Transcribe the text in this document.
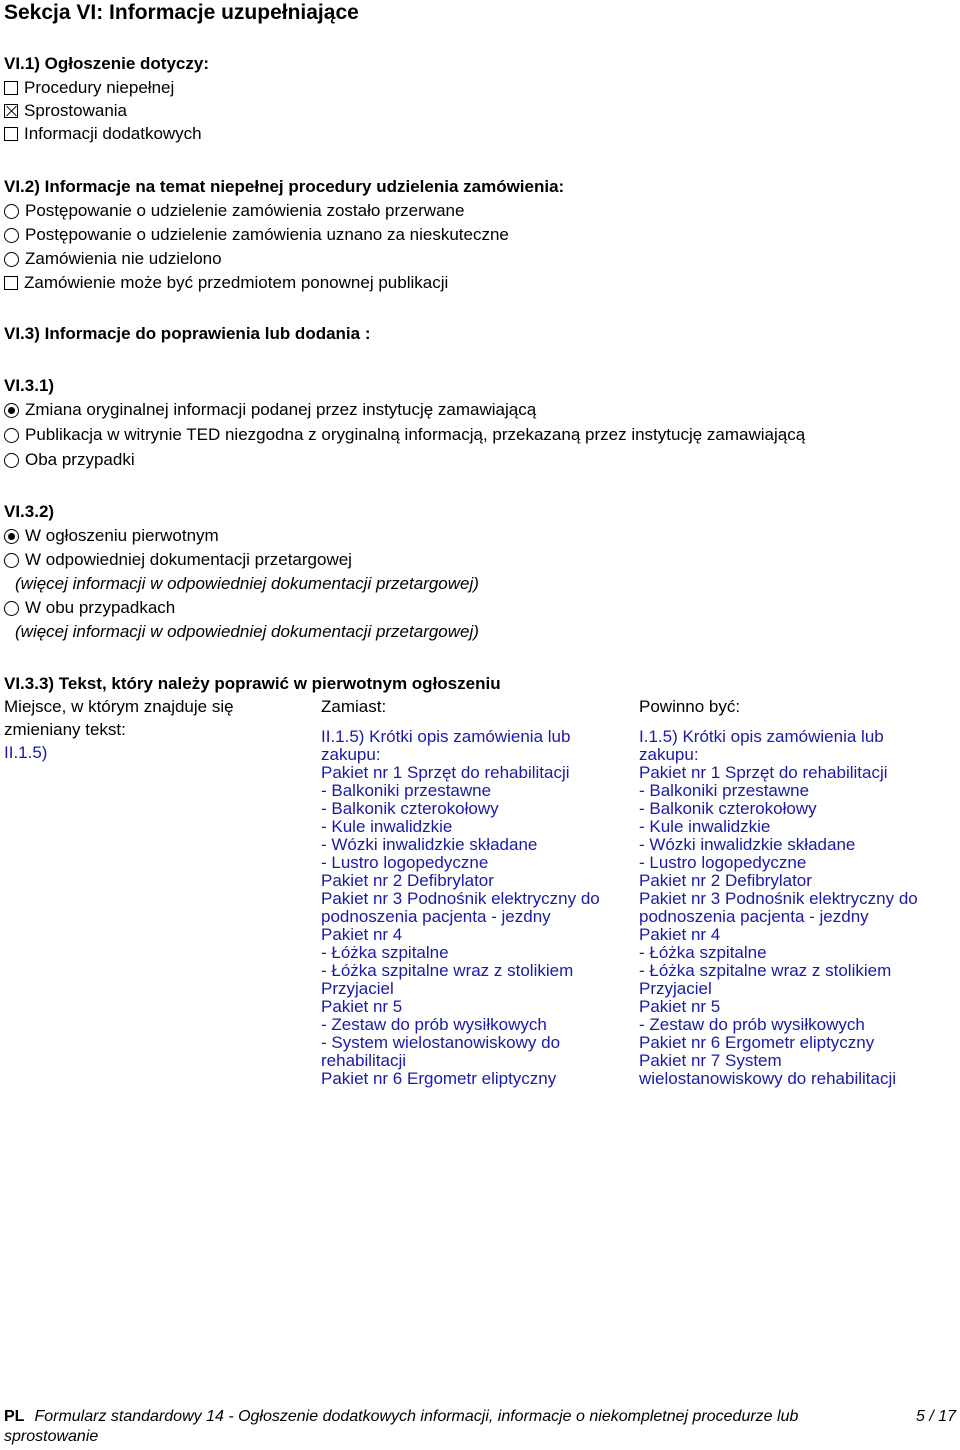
Sekcja VI: Informacje uzupełniające
VI.1) Ogłoszenie dotyczy:
Procedury niepełnej
Sprostowania
Informacji dodatkowych
VI.2) Informacje na temat niepełnej procedury udzielenia zamówienia:
Postępowanie o udzielenie zamówienia zostało przerwane
Postępowanie o udzielenie zamówienia uznano za nieskuteczne
Zamówienia nie udzielono
Zamówienie może być przedmiotem ponownej publikacji
VI.3) Informacje do poprawienia lub dodania :
VI.3.1)
Zmiana oryginalnej informacji podanej przez instytucję zamawiającą
Publikacja w witrynie TED niezgodna z oryginalną informacją, przekazaną przez instytucję zamawiającą
Oba przypadki
VI.3.2)
W ogłoszeniu pierwotnym
W odpowiedniej dokumentacji przetargowej
(więcej informacji w odpowiedniej dokumentacji przetargowej)
W obu przypadkach
(więcej informacji w odpowiedniej dokumentacji przetargowej)
VI.3.3) Tekst, który należy poprawić w pierwotnym ogłoszeniu
Miejsce, w którym znajduje się
zmieniany tekst:
II.1.5)
Zamiast:	Powinno być:
II.1.5) Krótki opis zamówienia lub
zakupu:
Pakiet nr 1 Sprzęt do rehabilitacji
- Balkoniki przestawne
- Balkonik czterokołowy
- Kule inwalidzkie
- Wózki inwalidzkie składane
- Lustro logopedyczne
Pakiet nr 2 Defibrylator
Pakiet nr 3 Podnośnik elektryczny do
podnoszenia pacjenta - jezdny
Pakiet nr 4
- Łóżka szpitalne
- Łóżka szpitalne wraz z stolikiem
Przyjaciel
Pakiet nr 5
- Zestaw do prób wysiłkowych
- System wielostanowiskowy do
rehabilitacji
Pakiet nr 6 Ergometr eliptyczny
I.1.5) Krótki opis zamówienia lub
zakupu:
Pakiet nr 1 Sprzęt do rehabilitacji
- Balkoniki przestawne
- Balkonik czterokołowy
- Kule inwalidzkie
- Wózki inwalidzkie składane
- Lustro logopedyczne
Pakiet nr 2 Defibrylator
Pakiet nr 3 Podnośnik elektryczny do
podnoszenia pacjenta - jezdny
Pakiet nr 4
- Łóżka szpitalne
- Łóżka szpitalne wraz z stolikiem
Przyjaciel
Pakiet nr 5
- Zestaw do prób wysiłkowych
Pakiet nr 6 Ergometr eliptyczny
Pakiet nr 7 System
wielostanowiskowy do rehabilitacji
PL Formularz standardowy 14 - Ogłoszenie dodatkowych informacji, informacje o niekompletnej procedurze lub	5 / 17
sprostowanie
